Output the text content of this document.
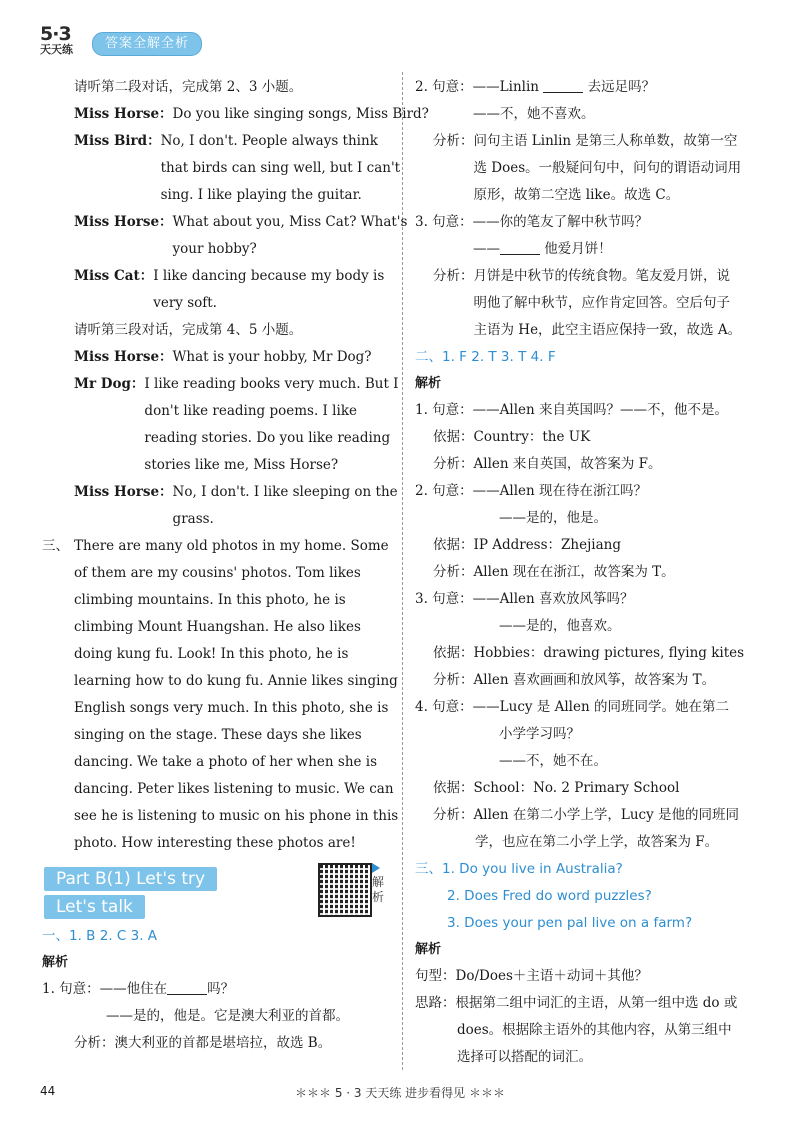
5·3
天天练	答案全解全析

请听第二段对话，完成第 2、3 小题。

Miss Horse： Do you like singing songs, Miss Bird?
Miss Bird： No, I don't. People always think
that birds can sing well, but I can't
sing. I like playing the guitar.
Miss Horse： What about you, Miss Cat? What's
your hobby?
Miss Cat： I like dancing because my body is
very soft.

请听第三段对话，完成第 4、5 小题。

Miss Horse： What is your hobby, Mr Dog?
Mr Dog： I like reading books very much. But I
don't like reading poems. I like
reading stories. Do you like reading
stories like me, Miss Horse?
Miss Horse： No, I don't. I like sleeping on the
grass.
三、 There are many old photos in my home. Some
of them are my cousins' photos. Tom likes
climbing mountains. In this photo, he is
climbing Mount Huangshan. He also likes
doing kung fu. Look! In this photo, he is
learning how to do kung fu. Annie likes singing
English songs very much. In this photo, she is
singing on the stage. These days she likes
dancing. We take a photo of her when she is
dancing. Peter likes listening to music. We can
see he is listening to music on his phone in this
photo. How interesting these photos are!
Part B(1) Let's try
Let's talk
解析

一、1. B 2. C 3. A

解析

1. 句意：——他住在	吗？

——是的，他是。它是澳大利亚的首都。

分析：澳大利亚的首都是堪培拉，故选 B。

2. 句意：——Linlin	去远足吗？

——不，她不喜欢。

分析： 问句主语 Linlin 是第三人称单数，故第一空
选 Does。一般疑问句中，问句的谓语动词用
原形，故第二空选 like。故选 C。

3. 句意：——你的笔友了解中秋节吗？

——	他爱月饼！

分析： 月饼是中秋节的传统食物。笔友爱月饼，说
明他了解中秋节，应作肯定回答。空后句子
主语为 He，此空主语应保持一致，故选 A。

二、1. F 2. T 3. T 4. F

解析

1. 句意：——Allen 来自英国吗？——不，他不是。
依据：Country：the UK
分析：Allen 来自英国，故答案为 F。
2. 句意：——Allen 现在待在浙江吗？
——是的，他是。
依据：IP Address：Zhejiang
分析：Allen 现在在浙江，故答案为 T。
3. 句意：——Allen 喜欢放风筝吗？
——是的，他喜欢。
依据：Hobbies：drawing pictures, flying kites
分析：Allen 喜欢画画和放风筝，故答案为 T。
4. 句意：——Lucy 是 Allen 的同班同学。她在第二
小学学习吗？
——不，她不在。
依据：School：No. 2 Primary School
分析：Allen 在第二小学上学，Lucy 是他的同班同
学，也应在第二小学上学，故答案为 F。
三、1. Do you live in Australia?
2. Does Fred do word puzzles?
3. Does your pen pal live on a farm?

解析

句型：Do/Does＋主语＋动词＋其他？
思路：根据第二组中词汇的主语，从第一组中选 do 或
does。根据除主语外的其他内容，从第三组中
选择可以搭配的词汇。
44	＊＊＊ 5 · 3 天天练 进步看得见 ＊＊＊
